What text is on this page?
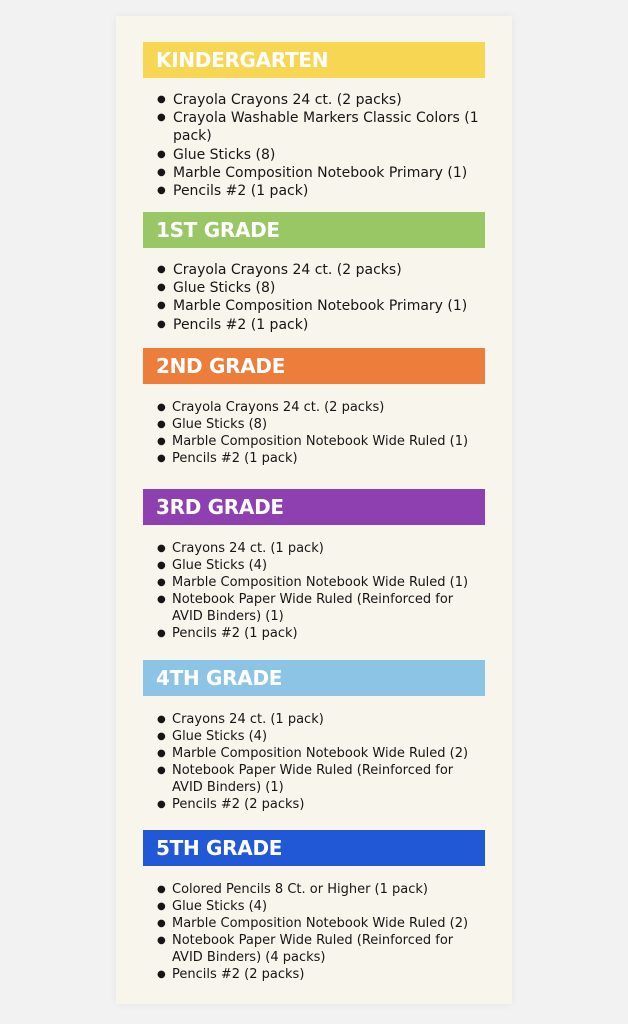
KINDERGARTEN
● Crayola Crayons 24 ct. (2 packs)
● Crayola Washable Markers Classic Colors (1 pack)
● Glue Sticks (8)
● Marble Composition Notebook Primary (1)
● Pencils #2 (1 pack)
1ST GRADE
● Crayola Crayons 24 ct. (2 packs)
● Glue Sticks (8)
● Marble Composition Notebook Primary (1)
● Pencils #2 (1 pack)
2ND GRADE
● Crayola Crayons 24 ct. (2 packs)
● Glue Sticks (8)
● Marble Composition Notebook Wide Ruled (1)
● Pencils #2 (1 pack)
3RD GRADE
● Crayons 24 ct. (1 pack)
● Glue Sticks (4)
● Marble Composition Notebook Wide Ruled (1)
● Notebook Paper Wide Ruled (Reinforced for AVID Binders) (1)
● Pencils #2 (1 pack)
4TH GRADE
● Crayons 24 ct. (1 pack)
● Glue Sticks (4)
● Marble Composition Notebook Wide Ruled (2)
● Notebook Paper Wide Ruled (Reinforced for AVID Binders) (1)
● Pencils #2 (2 packs)
5TH GRADE
● Colored Pencils 8 Ct. or Higher (1 pack)
● Glue Sticks (4)
● Marble Composition Notebook Wide Ruled (2)
● Notebook Paper Wide Ruled (Reinforced for AVID Binders) (4 packs)
● Pencils #2 (2 packs)
